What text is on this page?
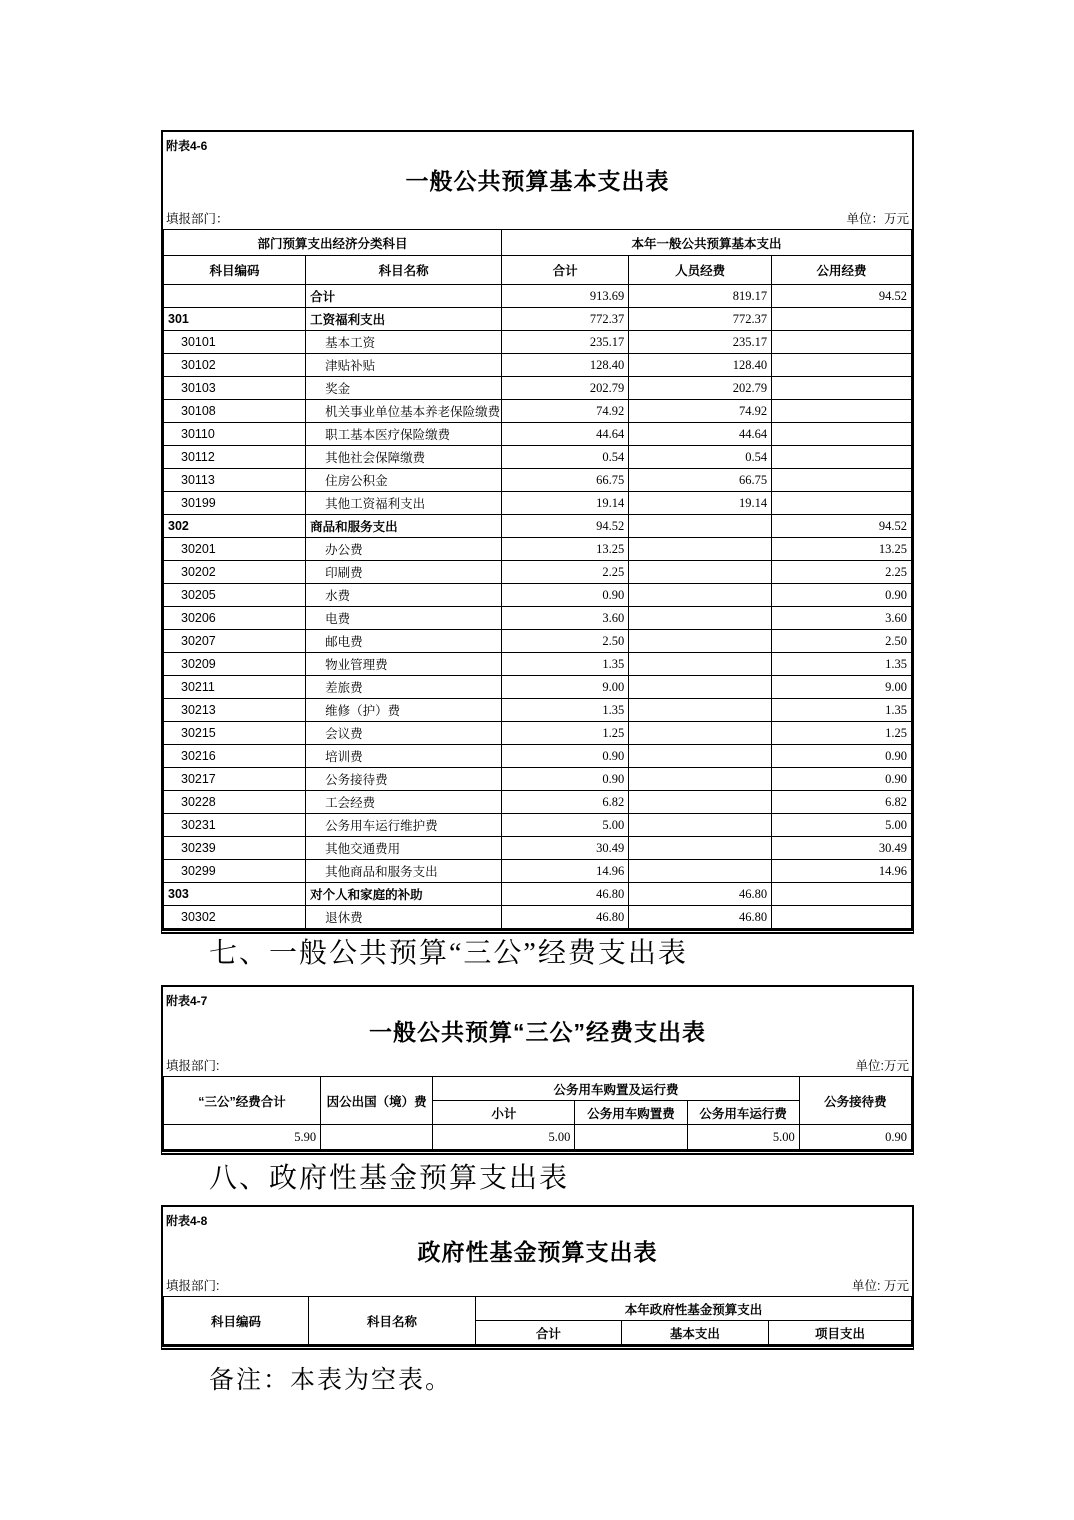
附表4-6
一般公共预算基本支出表
填报部门：	单位：万元
部门预算支出经济分类科目		本年一般公共预算基本支出		
科目编码	科目名称	合计	人员经费	公用经费
	合计	913.69	819.17	94.52
301	工资福利支出	772.37	772.37	
30101	基本工资	235.17	235.17	
30102	津贴补贴	128.40	128.40	
30103	奖金	202.79	202.79	
30108	机关事业单位基本养老保险缴费	74.92	74.92	
30110	职工基本医疗保险缴费	44.64	44.64	
30112	其他社会保障缴费	0.54	0.54	
30113	住房公积金	66.75	66.75	
30199	其他工资福利支出	19.14	19.14	
302	商品和服务支出	94.52		94.52
30201	办公费	13.25		13.25
30202	印刷费	2.25		2.25
30205	水费	0.90		0.90
30206	电费	3.60		3.60
30207	邮电费	2.50		2.50
30209	物业管理费	1.35		1.35
30211	差旅费	9.00		9.00
30213	维修（护）费	1.35		1.35
30215	会议费	1.25		1.25
30216	培训费	0.90		0.90
30217	公务接待费	0.90		0.90
30228	工会经费	6.82		6.82
30231	公务用车运行维护费	5.00		5.00
30239	其他交通费用	30.49		30.49
30299	其他商品和服务支出	14.96		14.96
303	对个人和家庭的补助	46.80	46.80	
30302	退休费	46.80	46.80	
七、一般公共预算“三公”经费支出表
附表4-7
一般公共预算“三公”经费支出表
填报部门:	单位:万元
“三公”经费合计	因公出国（境）费	公务用车购置及运行费			公务接待费
		小计	公务用车购置费	公务用车运行费	
5.90		5.00		5.00	0.90
八、政府性基金预算支出表
附表4-8
政府性基金预算支出表
填报部门:	单位: 万元
科目编码	科目名称	本年政府性基金预算支出		
		合计	基本支出	项目支出
备注：本表为空表。
